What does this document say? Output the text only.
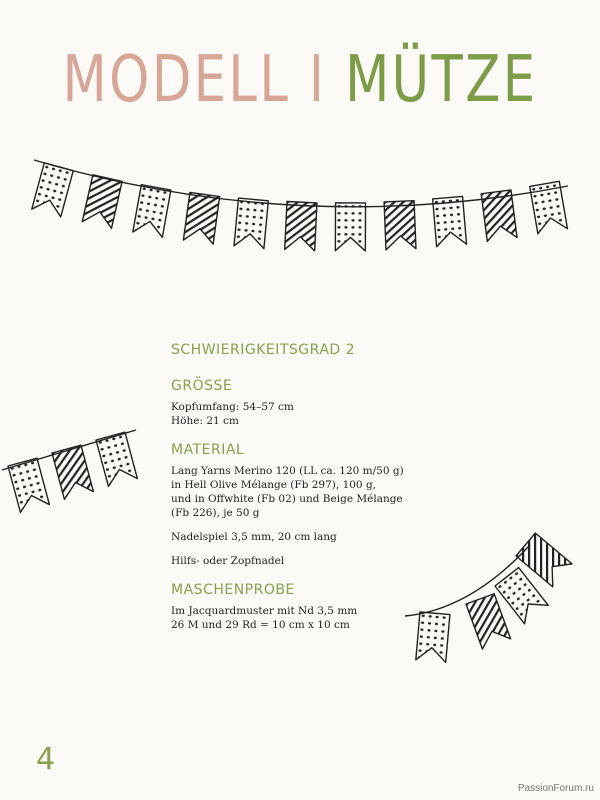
MODELL I MÜTZE
SCHWIERIGKEITSGRAD 2
GRÖSSE

Kopfumfang: 54–57 cm
Höhe: 21 cm

MATERIAL

Lang Yarns Merino 120 (LL ca. 120 m/50 g)
in Hell Olive Mélange (Fb 297), 100 g,
und in Offwhite (Fb 02) und Beige Mélange
(Fb 226), je 50 g

Nadelspiel 3,5 mm, 20 cm lang

Hilfs- oder Zopfnadel

MASCHENPROBE

Im Jacquardmuster mit Nd 3,5 mm
26 M und 29 Rd = 10 cm x 10 cm

4
PassionForum.ru
